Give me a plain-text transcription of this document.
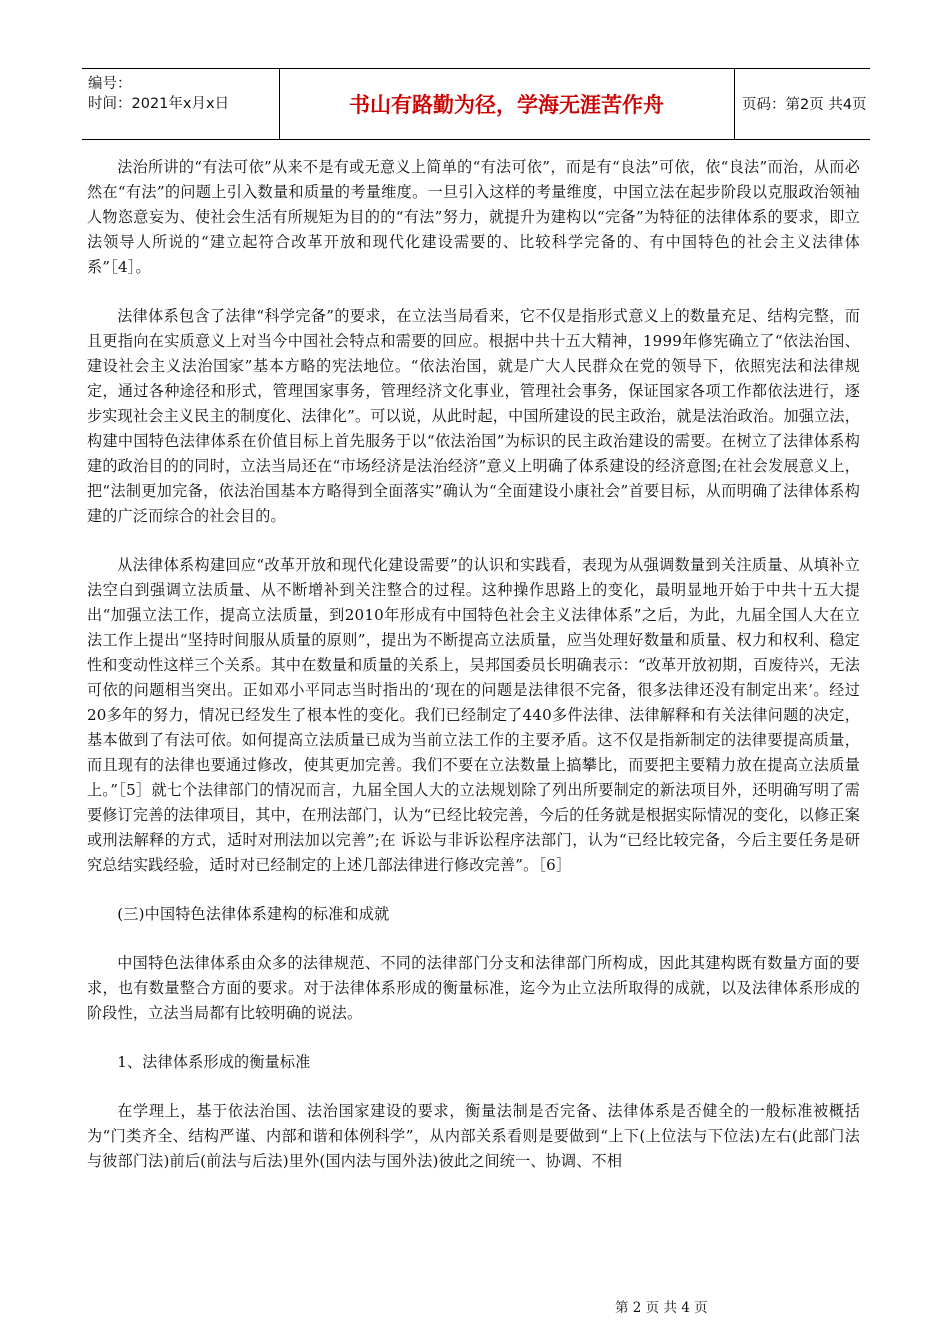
编号：
时间：2021年x月x日	书山有路勤为径，学海无涯苦作舟	页码：第2页 共4页

法治所讲的“有法可依”从来不是有或无意义上简单的“有法可依”，而是有“良法”可依，依“良法”而治，从而必然在“有法”的问题上引入数量和质量的考量维度。一旦引入这样的考量维度，中国立法在起步阶段以克服政治领袖人物恣意妄为、使社会生活有所规矩为目的的“有法”努力，就提升为建构以“完备”为特征的法律体系的要求，即立法领导人所说的“建立起符合改革开放和现代化建设需要的、比较科学完备的、有中国特色的社会主义法律体系”［4］。

法律体系包含了法律“科学完备”的要求，在立法当局看来，它不仅是指形式意义上的数量充足、结构完整，而且更指向在实质意义上对当今中国社会特点和需要的回应。根据中共十五大精神，1999年修宪确立了“依法治国、建设社会主义法治国家”基本方略的宪法地位。“依法治国，就是广大人民群众在党的领导下，依照宪法和法律规定，通过各种途径和形式，管理国家事务，管理经济文化事业，管理社会事务，保证国家各项工作都依法进行，逐步实现社会主义民主的制度化、法律化”。可以说，从此时起，中国所建设的民主政治，就是法治政治。加强立法，构建中国特色法律体系在价值目标上首先服务于以“依法治国”为标识的民主政治建设的需要。在树立了法律体系构建的政治目的的同时，立法当局还在“市场经济是法治经济”意义上明确了体系建设的经济意图;在社会发展意义上，把“法制更加完备，依法治国基本方略得到全面落实”确认为“全面建设小康社会”首要目标，从而明确了法律体系构建的广泛而综合的社会目的。

从法律体系构建回应“改革开放和现代化建设需要”的认识和实践看，表现为从强调数量到关注质量、从填补立法空白到强调立法质量、从不断增补到关注整合的过程。这种操作思路上的变化，最明显地开始于中共十五大提出“加强立法工作，提高立法质量，到2010年形成有中国特色社会主义法律体系”之后，为此，九届全国人大在立法工作上提出“坚持时间服从质量的原则”，提出为不断提高立法质量，应当处理好数量和质量、权力和权利、稳定性和变动性这样三个关系。其中在数量和质量的关系上，吴邦国委员长明确表示：“改革开放初期，百废待兴，无法可依的问题相当突出。正如邓小平同志当时指出的‘现在的问题是法律很不完备，很多法律还没有制定出来’。经过20多年的努力，情况已经发生了根本性的变化。我们已经制定了440多件法律、法律解释和有关法律问题的决定，基本做到了有法可依。如何提高立法质量已成为当前立法工作的主要矛盾。这不仅是指新制定的法律要提高质量，而且现有的法律也要通过修改，使其更加完善。我们不要在立法数量上搞攀比，而要把主要精力放在提高立法质量上。”［5］就七个法律部门的情况而言，九届全国人大的立法规划除了列出所要制定的新法项目外，还明确写明了需要修订完善的法律项目，其中，在刑法部门，认为“已经比较完善，今后的任务就是根据实际情况的变化，以修正案或刑法解释的方式，适时对刑法加以完善”;在 诉讼与非诉讼程序法部门，认为“已经比较完备，今后主要任务是研究总结实践经验，适时对已经制定的上述几部法律进行修改完善”。［6］

(三)中国特色法律体系建构的标准和成就

中国特色法律体系由众多的法律规范、不同的法律部门分支和法律部门所构成，因此其建构既有数量方面的要求，也有数量整合方面的要求。对于法律体系形成的衡量标准，迄今为止立法所取得的成就，以及法律体系形成的阶段性，立法当局都有比较明确的说法。

1、法律体系形成的衡量标准

在学理上，基于依法治国、法治国家建设的要求，衡量法制是否完备、法律体系是否健全的一般标准被概括为“门类齐全、结构严谨、内部和谐和体例科学”，从内部关系看则是要做到“上下(上位法与下位法)左右(此部门法与彼部门法)前后(前法与后法)里外(国内法与国外法)彼此之间统一、协调、不相

第 2 页 共 4 页
